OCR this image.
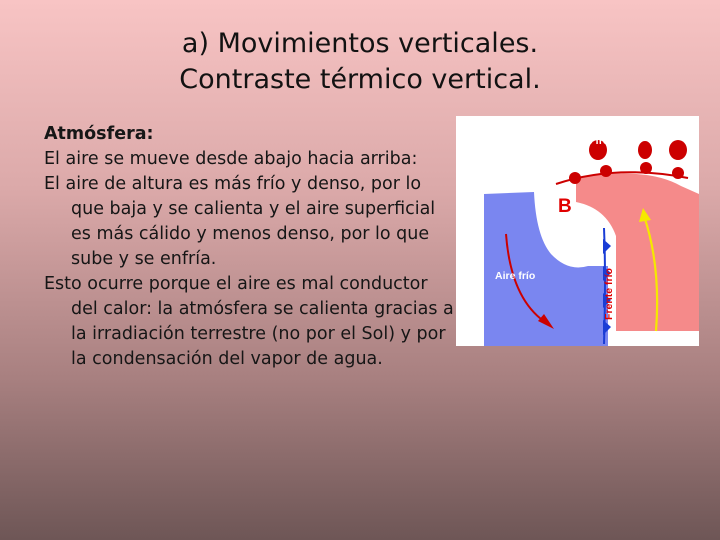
a) Movimientos verticales.
Contraste térmico vertical.
Atmósfera:
El aire se mueve desde abajo hacia arriba:
El aire de altura es más frío y denso, por lo que baja y se calienta y el aire superficial es más cálido y menos denso, por lo que sube y se enfría.
Esto ocurre porque el aire es mal conductor del calor: la atmósfera se calienta gracias a la irradiación terrestre (no por el Sol) y por la condensación del vapor de agua.
Aire fresco
B
Aire frío	Frente frío
Aire caliente
